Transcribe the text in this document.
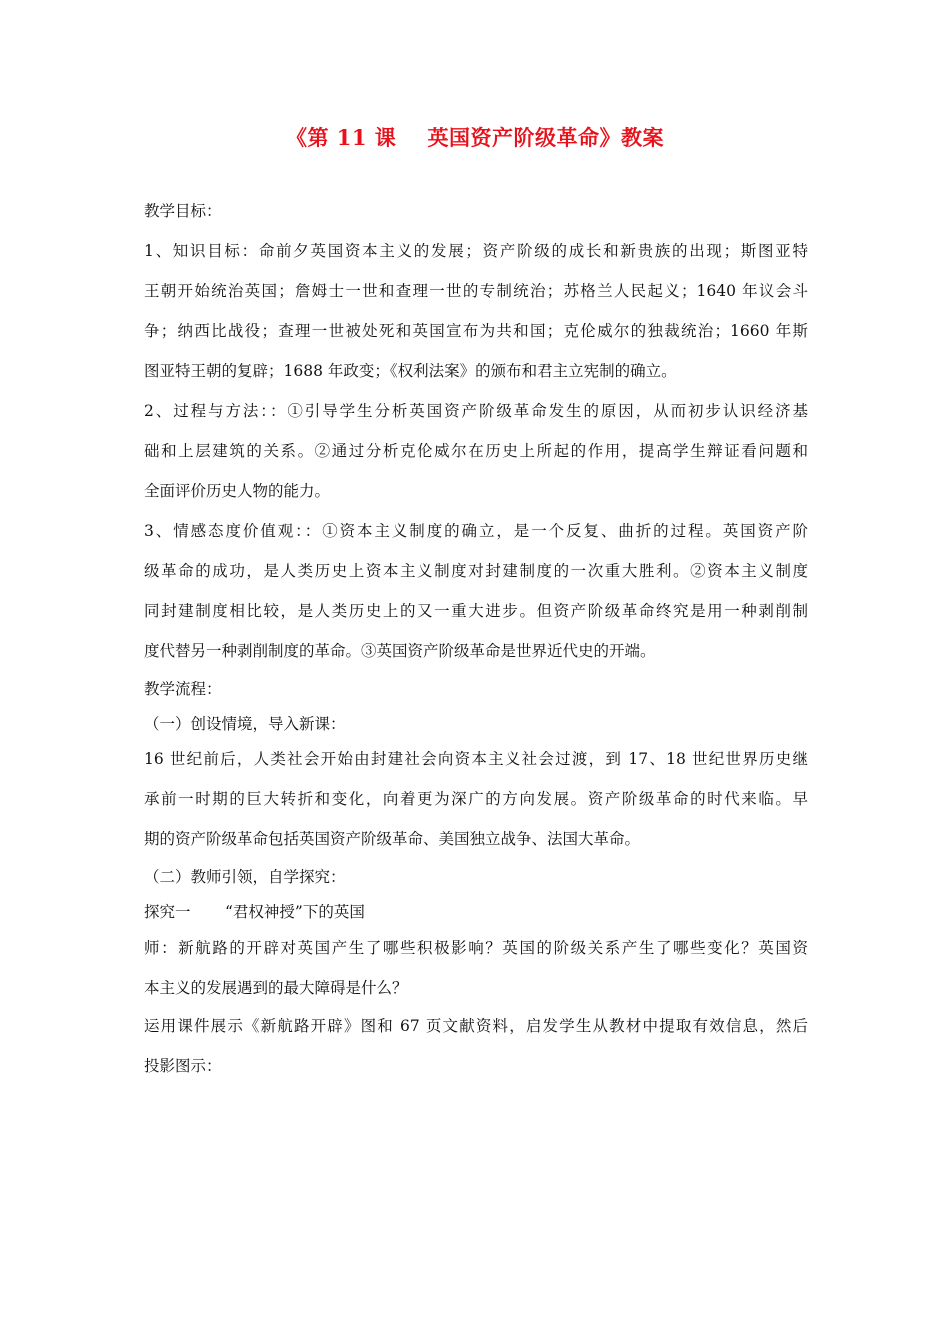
《第 11 课    英国资产阶级革命》教案
教学目标：
1、知识目标：命前夕英国资本主义的发展；资产阶级的成长和新贵族的出现；斯图亚特
王朝开始统治英国；詹姆士一世和查理一世的专制统治；苏格兰人民起义；1640 年议会斗
争；纳西比战役；查理一世被处死和英国宣布为共和国；克伦威尔的独裁统治；1660 年斯
图亚特王朝的复辟；1688 年政变；《权利法案》的颁布和君主立宪制的确立。
2、过程与方法：：①引导学生分析英国资产阶级革命发生的原因，从而初步认识经济基
础和上层建筑的关系。②通过分析克伦威尔在历史上所起的作用，提高学生辩证看问题和
全面评价历史人物的能力。
3、情感态度价值观：：①资本主义制度的确立，是一个反复、曲折的过程。英国资产阶
级革命的成功，是人类历史上资本主义制度对封建制度的一次重大胜利。②资本主义制度
同封建制度相比较，是人类历史上的又一重大进步。但资产阶级革命终究是用一种剥削制
度代替另一种剥削制度的革命。③英国资产阶级革命是世界近代史的开端。
教学流程：
（一）创设情境，导入新课：
16 世纪前后，人类社会开始由封建社会向资本主义社会过渡，到 17、18 世纪世界历史继
承前一时期的巨大转折和变化，向着更为深广的方向发展。资产阶级革命的时代来临。早
期的资产阶级革命包括英国资产阶级革命、美国独立战争、法国大革命。
（二）教师引领，自学探究：
探究一       “君权神授”下的英国
师：新航路的开辟对英国产生了哪些积极影响？英国的阶级关系产生了哪些变化？英国资
本主义的发展遇到的最大障碍是什么？
运用课件展示《新航路开辟》图和 67 页文献资料，启发学生从教材中提取有效信息，然后
投影图示：
